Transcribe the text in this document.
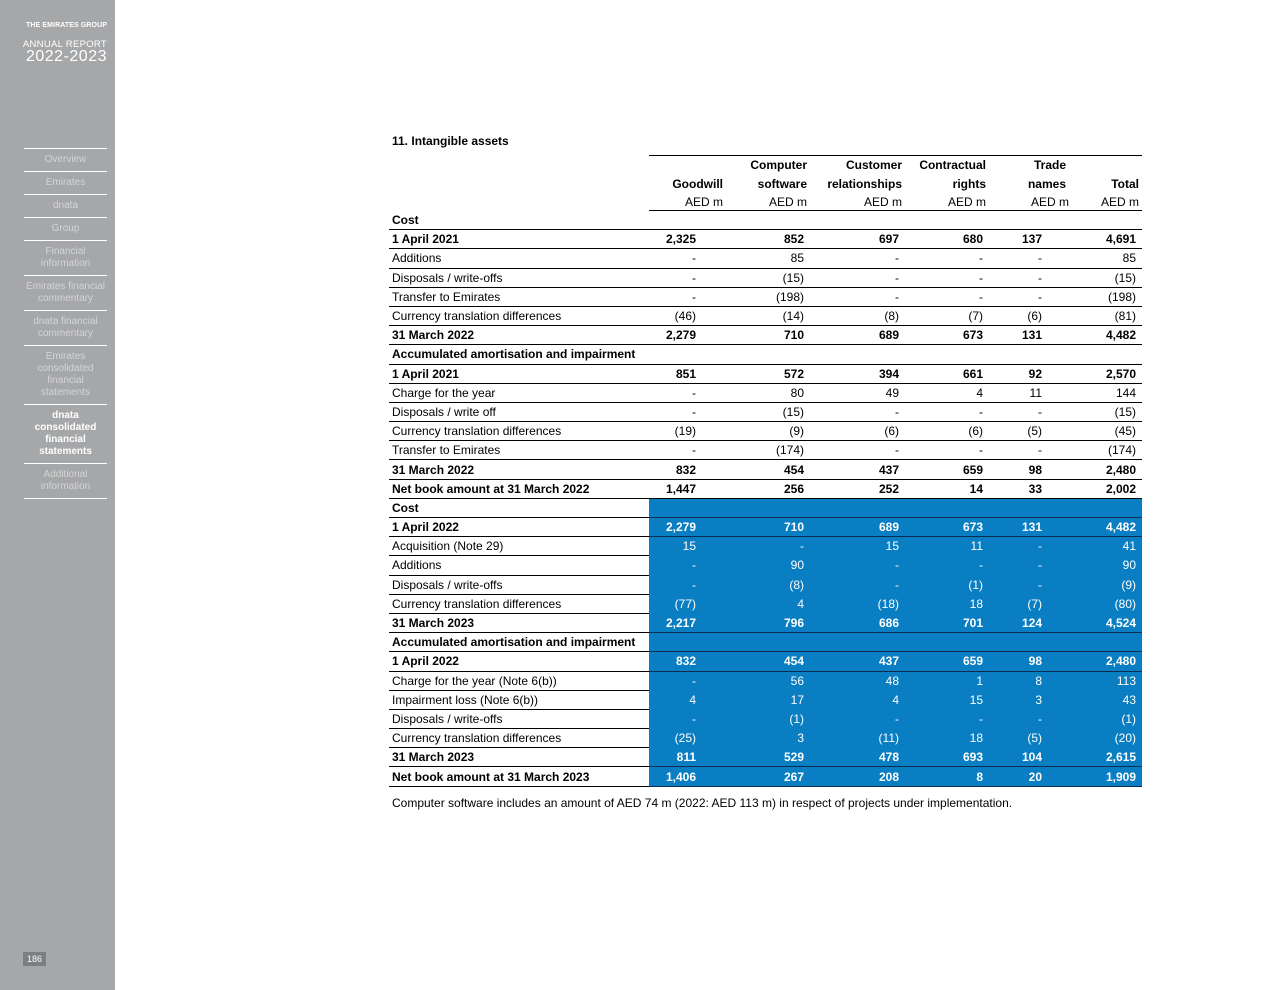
THE EMIRATES GROUP
ANNUAL REPORT
2022-2023
Overview
Emirates
dnata
Group
Financial information
Emirates financial commentary
dnata financial commentary
Emirates consolidated financial statements
dnata consolidated financial statements
Additional information
186
11. Intangible assets
		Computer	Customer	Contractual	Trade	
	Goodwill	software	relationships	rights	names	Total
	AED m	AED m	AED m	AED m	AED m	AED m
Cost						
1 April 2021	2,325	852	697	680	137	4,691
Additions	-	85	-	-	-	85
Disposals / write-offs	-	(15)	-	-	-	(15)
Transfer to Emirates	-	(198)	-	-	-	(198)
Currency translation differences	(46)	(14)	(8)	(7)	(6)	(81)
31 March 2022	2,279	710	689	673	131	4,482
Accumulated amortisation and impairment						
1 April 2021	851	572	394	661	92	2,570
Charge for the year	-	80	49	4	11	144
Disposals / write off	-	(15)	-	-	-	(15)
Currency translation differences	(19)	(9)	(6)	(6)	(5)	(45)
Transfer to Emirates	-	(174)	-	-	-	(174)
31 March 2022	832	454	437	659	98	2,480
Net book amount at 31 March 2022	1,447	256	252	14	33	2,002
Cost						
1 April 2022	2,279	710	689	673	131	4,482
Acquisition (Note 29)	15	-	15	11	-	41
Additions	-	90	-	-	-	90
Disposals / write-offs	-	(8)	-	(1)	-	(9)
Currency translation differences	(77)	4	(18)	18	(7)	(80)
31 March 2023	2,217	796	686	701	124	4,524
Accumulated amortisation and impairment						
1 April 2022	832	454	437	659	98	2,480
Charge for the year (Note 6(b))	-	56	48	1	8	113
Impairment loss (Note 6(b))	4	17	4	15	3	43
Disposals / write-offs	-	(1)	-	-	-	(1)
Currency translation differences	(25)	3	(11)	18	(5)	(20)
31 March 2023	811	529	478	693	104	2,615
Net book amount at 31 March 2023	1,406	267	208	8	20	1,909
Computer software includes an amount of AED 74 m (2022: AED 113 m) in respect of projects under implementation.
